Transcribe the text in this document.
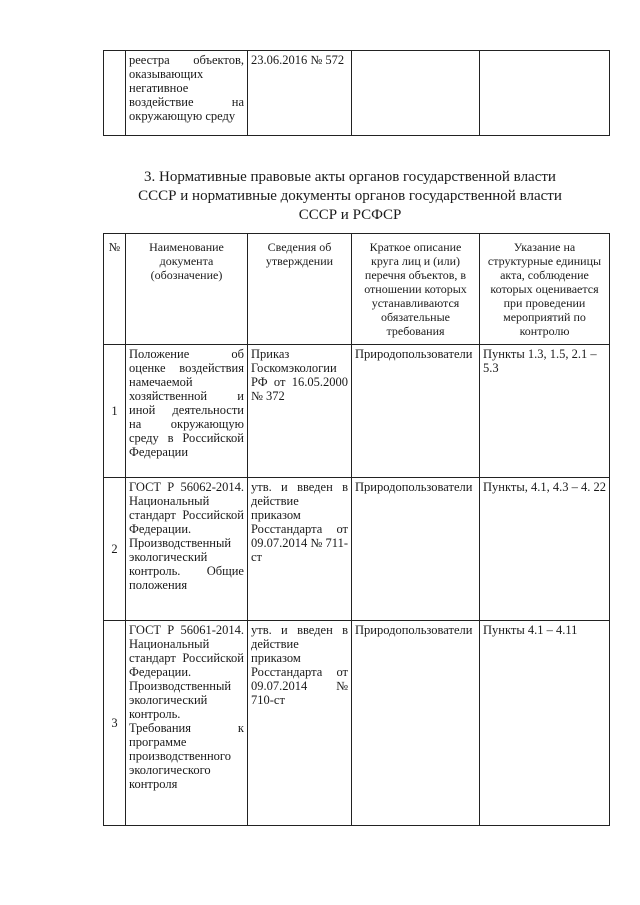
	реестра объектов, оказывающих негативное воздействие на окружающую среду	23.06.2016 № 572		
3. Нормативные правовые акты органов государственной власти СССР и нормативные документы органов государственной власти СССР и РСФСР
№	Наименование документа (обозначение)	Сведения об утверждении	Краткое описание круга лиц и (или) перечня объектов, в отношении которых устанавливаются обязательные требования	Указание на структурные единицы акта, соблюдение которых оценивается при проведении мероприятий по контролю
1	Положение об оценке воздействия намечаемой хозяйственной и иной деятельности на окружающую среду в Российской Федерации	Приказ Госкомэкологии РФ от 16.05.2000 № 372	Природопользователи	Пункты 1.3, 1.5, 2.1 – 5.3
2	ГОСТ Р 56062-2014. Национальный стандарт Российской Федерации. Производственный экологический контроль. Общие положения	утв. и введен в действие приказом Росстандарта от 09.07.2014 № 711-ст	Природопользователи	Пункты, 4.1, 4.3 – 4. 22
3	ГОСТ Р 56061-2014. Национальный стандарт Российской Федерации. Производственный экологический контроль. Требования к программе производственного экологического контроля	утв. и введен в действие приказом Росстандарта от 09.07.2014 № 710-ст	Природопользователи	Пункты 4.1 – 4.11
